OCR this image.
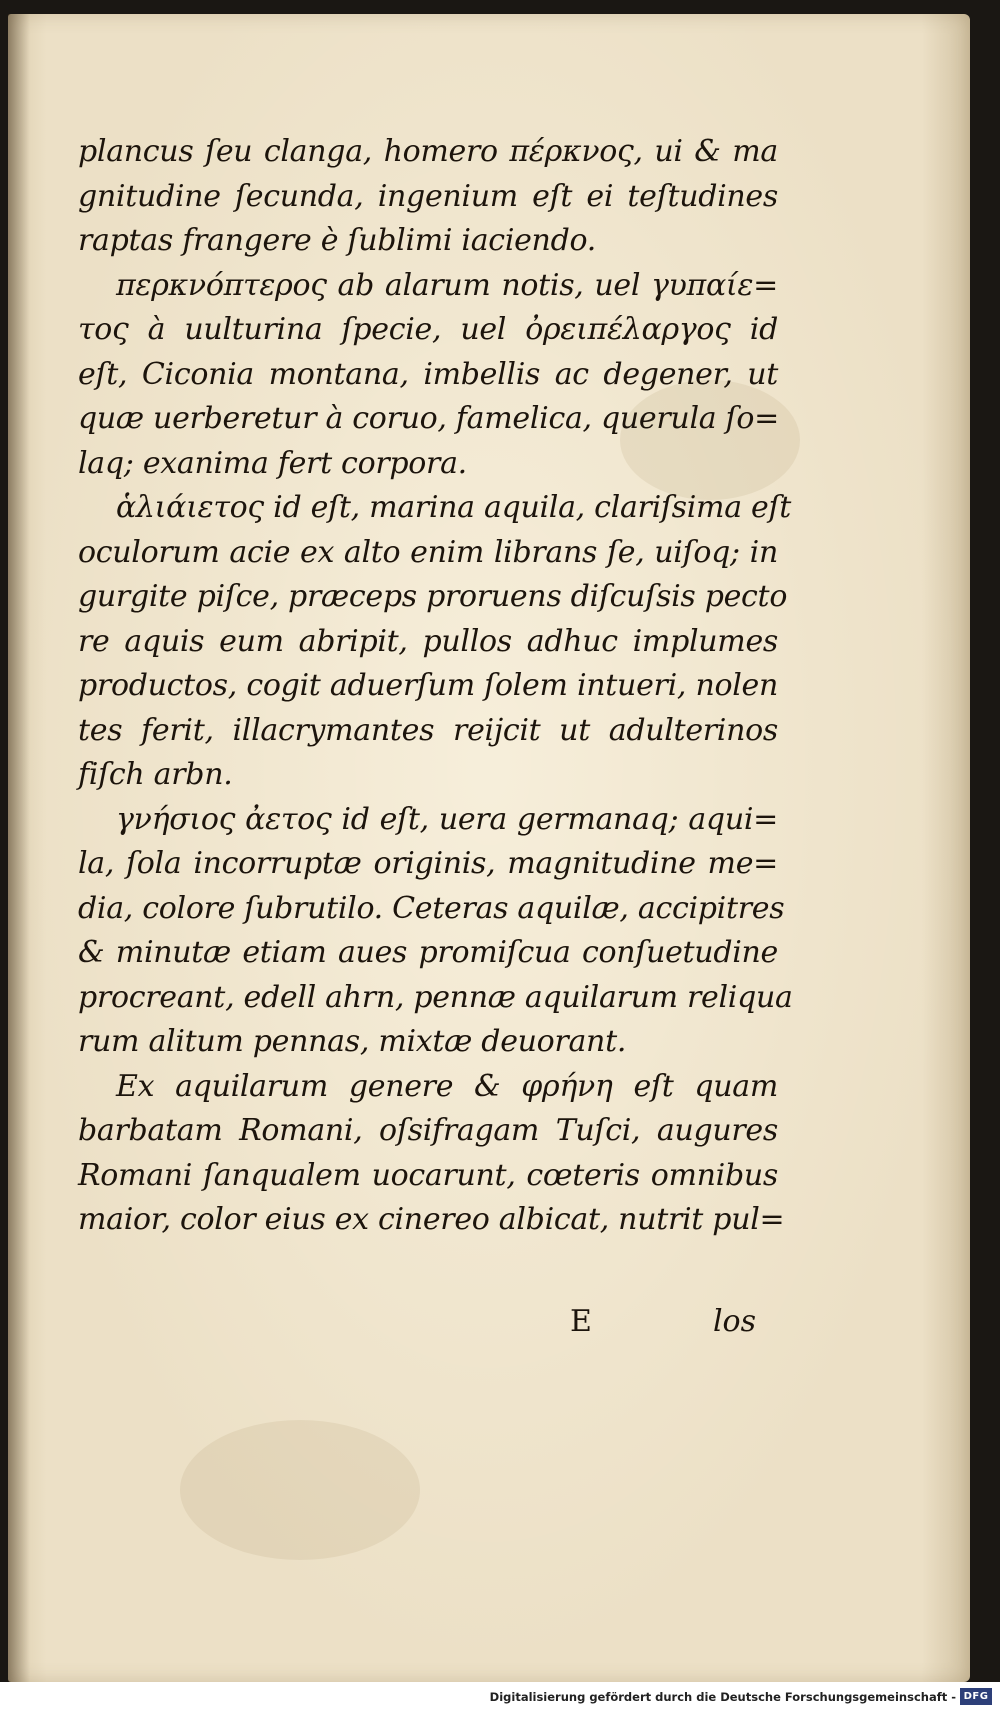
plancus ſeu clanga, homero πέρκνος, ui & ma
gnitudine ſecunda, ingenium eſt ei teſtudines
raptas frangere è ſublimi iaciendo.
περκνόπτερος ab alarum notis, uel γυπαίε=
τος à uulturina ſpecie, uel ὀρειπέλαργος id
eſt, Ciconia montana, imbellis ac degener, ut
quæ uerberetur à coruo, famelica, querula ſo=
laq; exanima fert corpora.
ἁλιάιετος id eſt, marina aquila, clariſsima eſt
oculorum acie ex alto enim librans ſe, uiſoq; in
gurgite piſce, præceps proruens diſcuſsis pecto
re aquis eum abripit, pullos adhuc implumes
productos, cogit aduerſum ſolem intueri, nolen
tes ferit, illacrymantes reijcit ut adulterinos
fiſch arbn.
γνήσιος ἀετος id eſt, uera germanaq; aqui=
la, ſola incorruptæ originis, magnitudine me=
dia, colore ſubrutilo. Ceteras aquilæ, accipitres
& minutæ etiam aues promiſcua conſuetudine
procreant, edell ahrn, pennæ aquilarum reliqua
rum alitum pennas, mixtæ deuorant.
Ex aquilarum genere & φρήνη eſt quam
barbatam Romani, oſsifragam Tuſci, augures
Romani ſanqualem uocarunt, cœteris omnibus
maior, color eius ex cinereo albicat, nutrit pul=
E	los
Digitalisierung gefördert durch die Deutsche Forschungsgemeinschaft - DFG
